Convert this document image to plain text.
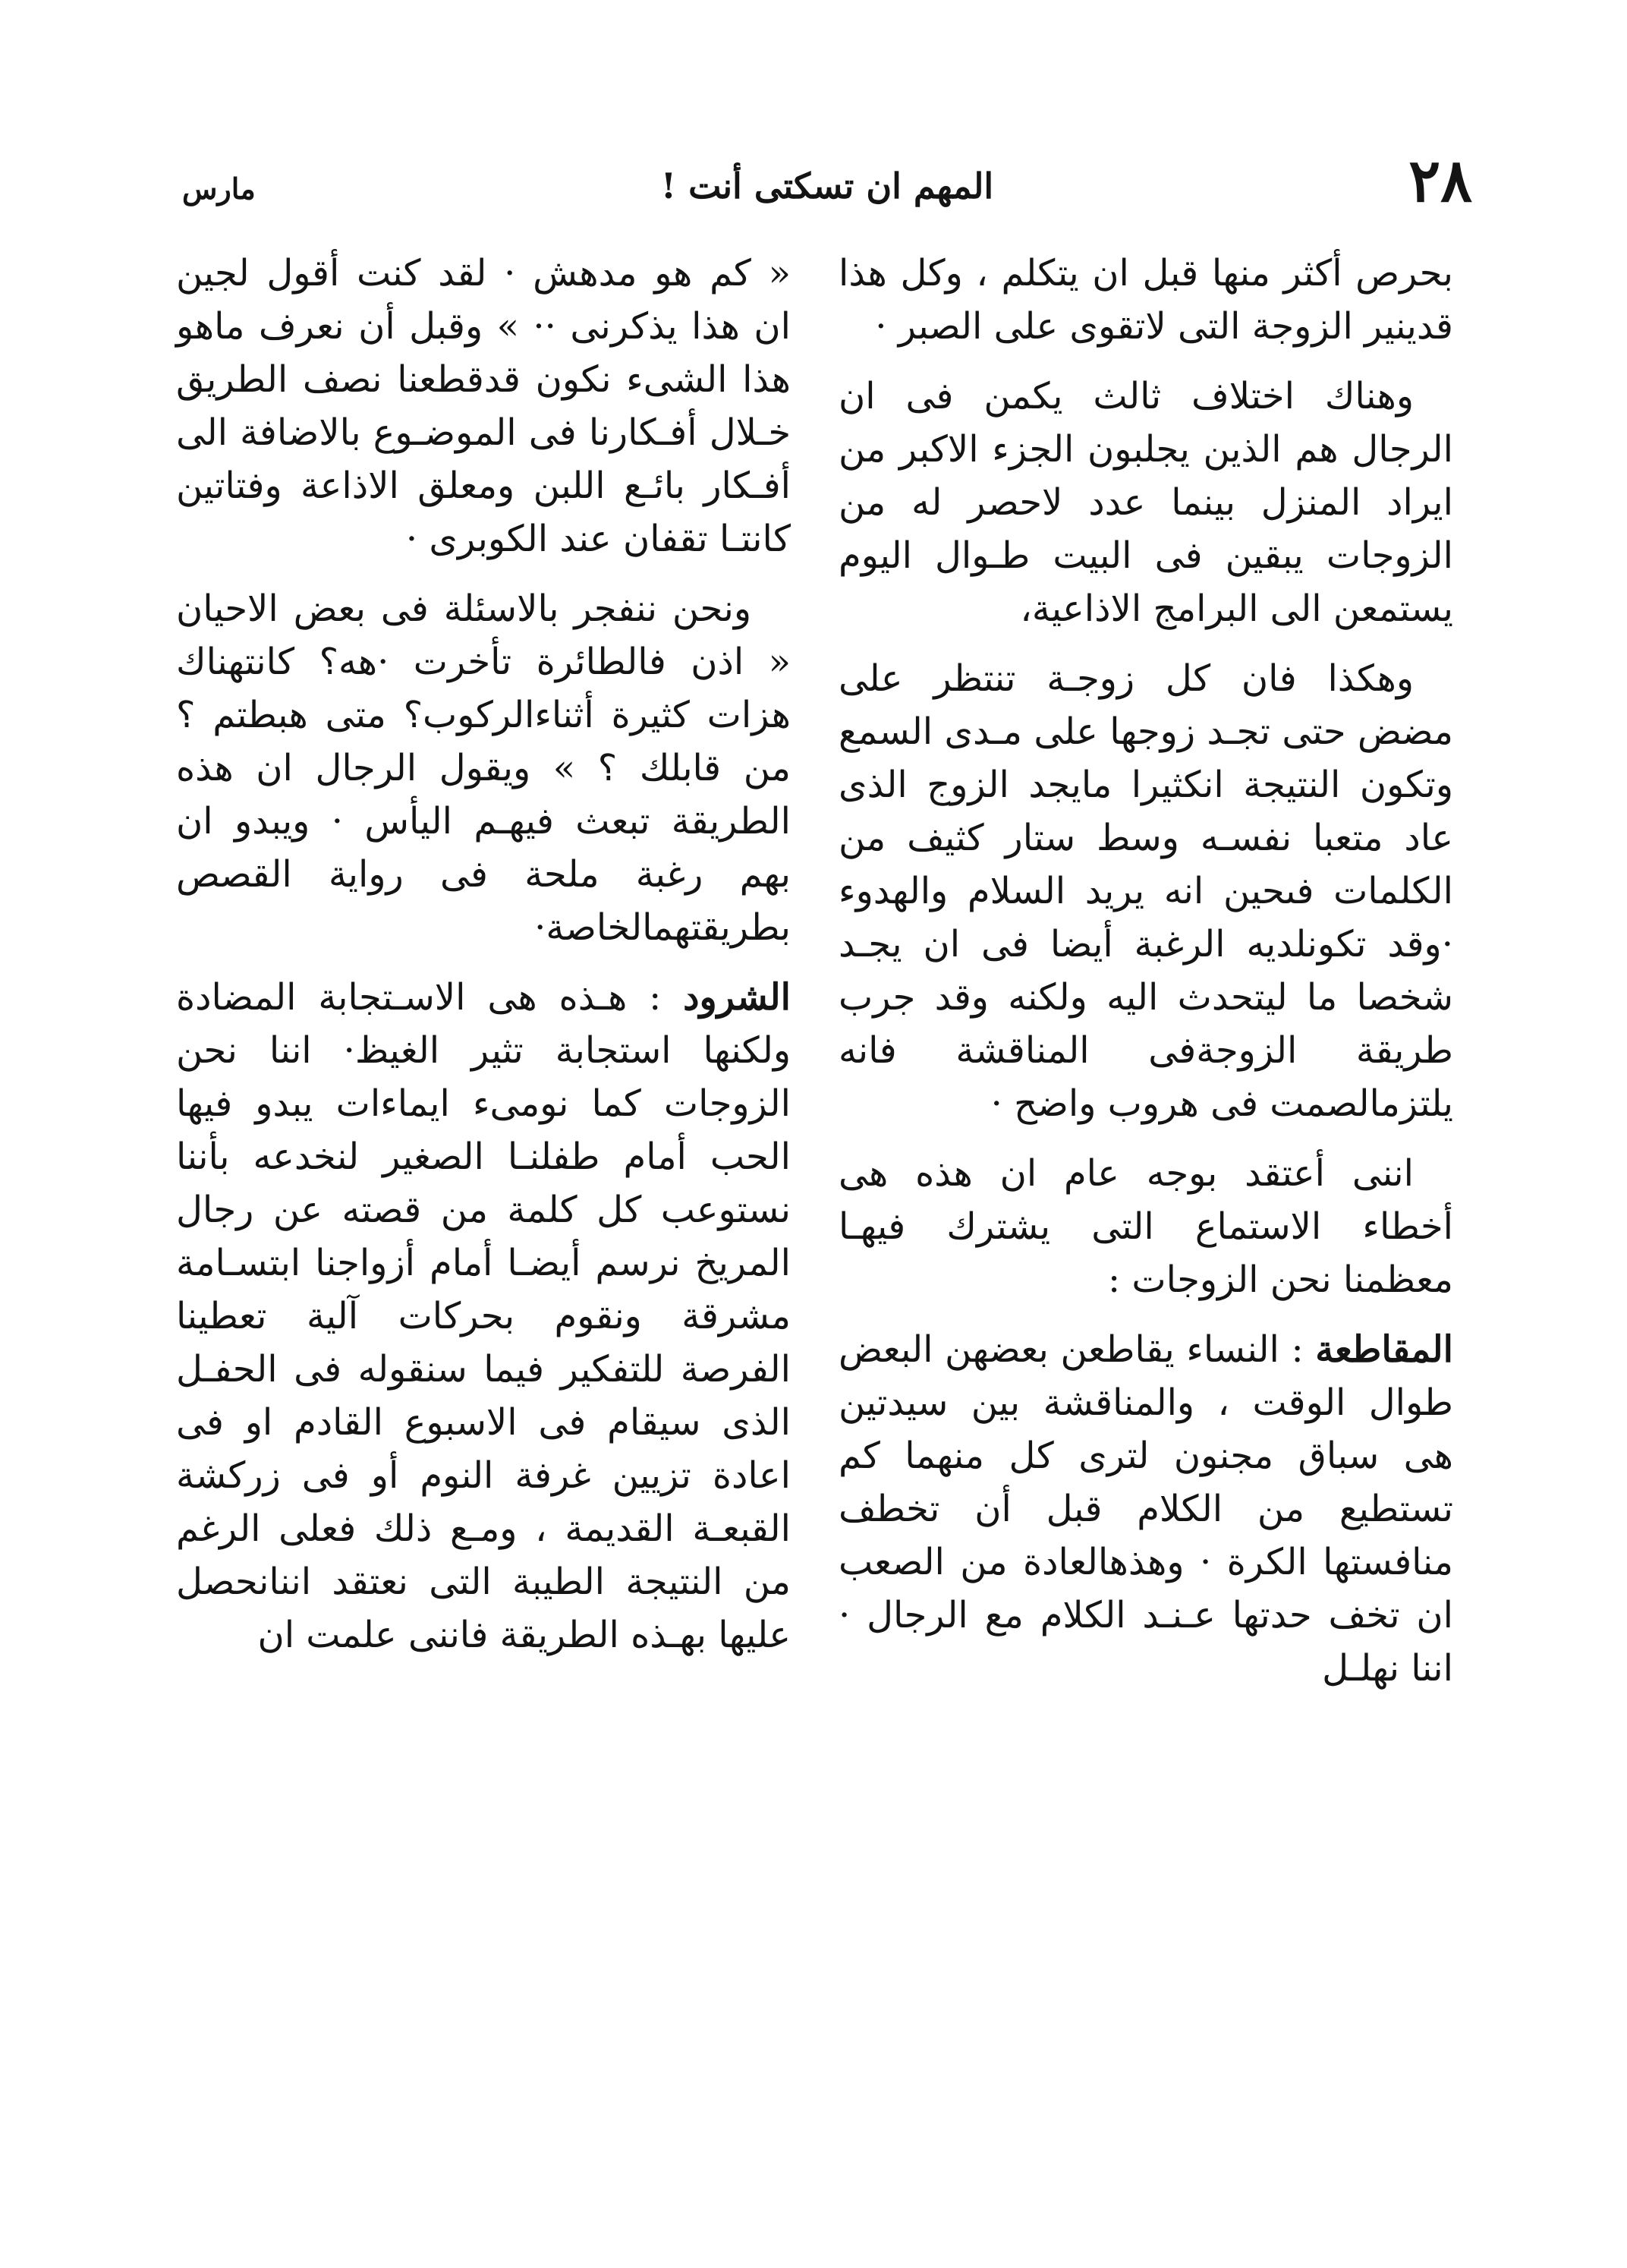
٢٨
المهم ان تسكتى أنت !
مارس

بحرص أكثر منها قبل ان يتكلم ، وكل هذا قدينير الزوجة التى لاتقوى على الصبر ·

وهناك اختلاف ثالث يكمن فى ان الرجال هم الذين يجلبون الجزء الاكبر من ايراد المنزل بينما عدد لاحصر له من الزوجات يبقين فى البيت طـوال اليوم يستمعن الى البرامج الاذاعية،

وهكذا فان كل زوجـة تنتظر على مضض حتى تجـد زوجها على مـدى السمع وتكون النتيجة انكثيرا مايجد الزوج الذى عاد متعبا نفسـه وسط ستار كثيف من الكلمات فىحين انه يريد السلام والهدوء ·وقد تكونلديه الرغبة أيضا فى ان يجـد شخصا ما ليتحدث اليه ولكنه وقد جرب طريقة الزوجةفى المناقشة فانه يلتزمالصمت فى هروب واضح ·

اننى أعتقد بوجه عام ان هذه هى أخطاء الاستماع التى يشترك فيهـا معظمنا نحن الزوجات :

المقاطعة : النساء يقاطعن بعضهن البعض طوال الوقت ، والمناقشة بين سيدتين هى سباق مجنون لترى كل منهما كم تستطيع من الكلام قبل أن تخطف منافستها الكرة · وهذهالعادة من الصعب ان تخف حدتها عـنـد الكلام مع الرجال · اننا نهلـل

« كم هو مدهش · لقد كنت أقول لجين ان هذا يذكرنى ·· » وقبل أن نعرف ماهو هذا الشىء نكون قدقطعنا نصف الطريق خـلال أفـكارنا فى الموضـوع بالاضافة الى أفـكار بائـع اللبن ومعلق الاذاعة وفتاتين كانتـا تقفان عند الكوبرى ·

ونحن ننفجر بالاسئلة فى بعض الاحيان « اذن فالطائرة تأخرت ·هه؟ كانتهناك هزات كثيرة أثناءالركوب؟ متى هبطتم ؟ من قابلك ؟ » ويقول الرجال ان هذه الطريقة تبعث فيهـم اليأس · ويبدو ان بهم رغبة ملحة فى رواية القصص بطريقتهمالخاصة·

الشرود : هـذه هى الاسـتجابة المضادة ولكنها استجابة تثير الغيظ· اننا نحن الزوجات كما نومىء ايماءات يبدو فيها الحب أمام طفلنـا الصغير لنخدعه بأننا نستوعب كل كلمة من قصته عن رجال المريخ نرسم أيضـا أمام أزواجنا ابتسـامة مشرقة ونقوم بحركات آلية تعطينا الفرصة للتفكير فيما سنقوله فى الحفـل الذى سيقام فى الاسبوع القادم او فى اعادة تزيين غرفة النوم أو فى زركشة القبعـة القديمة ، ومـع ذلك فعلى الرغم من النتيجة الطيبة التى نعتقد اننانحصل عليها بهـذه الطريقة فاننى علمت ان
